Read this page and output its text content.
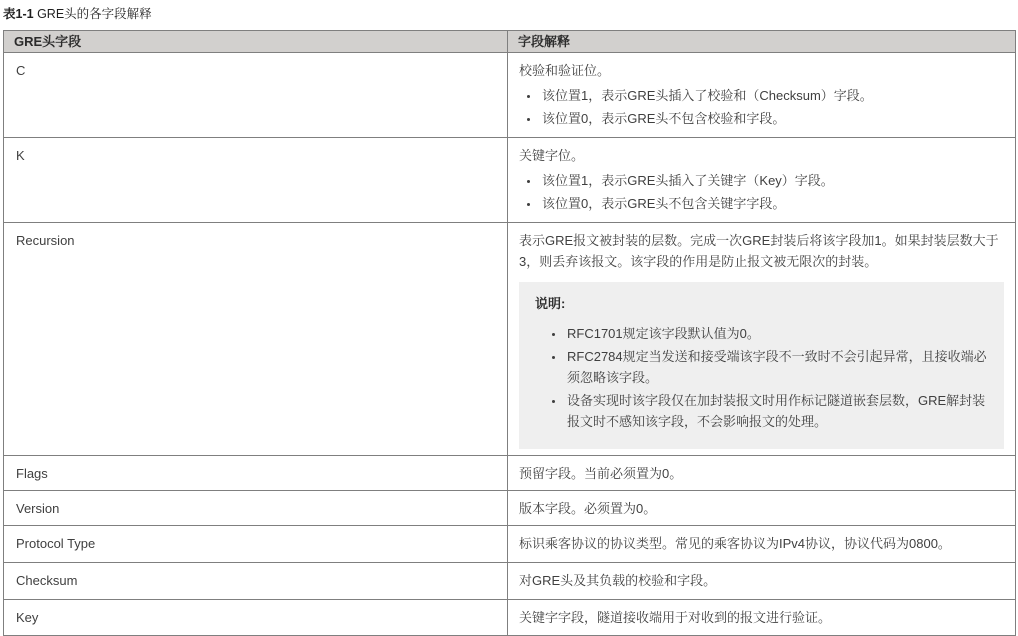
表1-1 GRE头的各字段解释
GRE头字段	字段解释
C	校验和验证位。

• 该位置1，表示GRE头插入了校验和（Checksum）字段。
• 该位置0，表示GRE头不包含校验和字段。

K	关键字位。

• 该位置1，表示GRE头插入了关键字（Key）字段。
• 该位置0，表示GRE头不包含关键字字段。

Recursion	表示GRE报文被封装的层数。完成一次GRE封装后将该字段加1。如果封装层数大于3，则丢弃该报文。该字段的作用是防止报文被无限次的封装。

说明:
• RFC1701规定该字段默认值为0。
• RFC2784规定当发送和接受端该字段不一致时不会引起异常，且接收端必须忽略该字段。
• 设备实现时该字段仅在加封装报文时用作标记隧道嵌套层数，GRE解封装报文时不感知该字段，不会影响报文的处理。

Flags	预留字段。当前必须置为0。

Version	版本字段。必须置为0。

Protocol Type	标识乘客协议的协议类型。常见的乘客协议为IPv4协议，协议代码为0800。

Checksum	对GRE头及其负载的校验和字段。

Key	关键字字段，隧道接收端用于对收到的报文进行验证。
